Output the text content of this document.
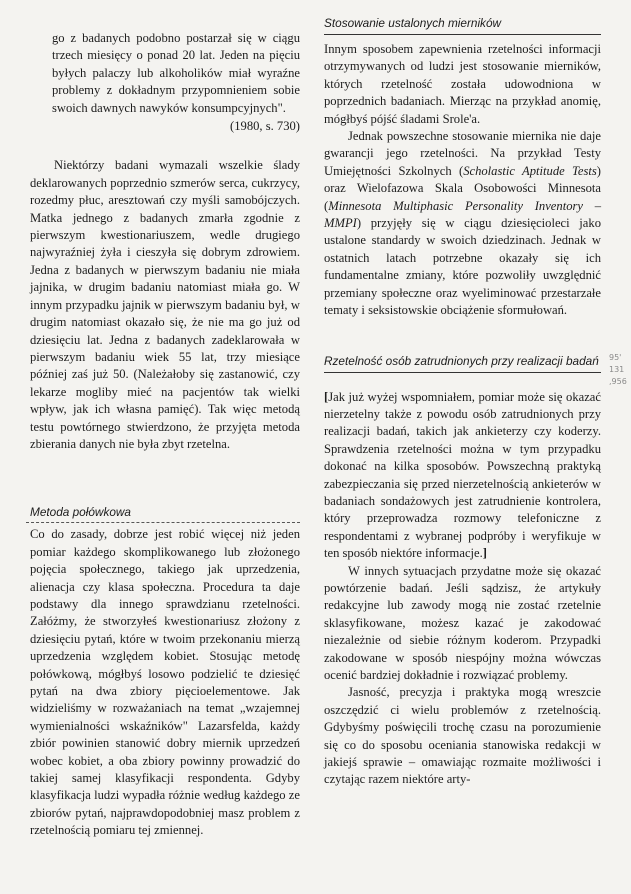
go z badanych podobno postarzał się w ciągu trzech miesięcy o ponad 20 lat. Jeden na pięciu byłych palaczy lub alkoholików miał wyraźne problemy z dokładnym przypomnieniem sobie swoich dawnych nawyków konsumpcyjnych".

(1980, s. 730)

Niektórzy badani wymazali wszelkie ślady deklarowanych poprzednio szmerów serca, cukrzycy, rozedmy płuc, aresztowań czy myśli samobójczych. Matka jednego z badanych zmarła zgodnie z pierwszym kwestionariuszem, wedle drugiego najwyraźniej żyła i cieszyła się dobrym zdrowiem. Jedna z badanych w pierwszym badaniu nie miała jajnika, w drugim badaniu natomiast miała go. W innym przypadku jajnik w pierwszym badaniu był, w drugim natomiast okazało się, że nie ma go już od dziesięciu lat. Jedna z badanych zadeklarowała w pierwszym badaniu wiek 55 lat, trzy miesiące później zaś już 50. (Należałoby się zastanowić, czy lekarze mogliby mieć na pacjentów tak wielki wpływ, jak ich własna pamięć). Tak więc metodą testu powtórnego stwierdzono, że przyjęta metoda zbierania danych nie była zbyt rzetelna.

Metoda połówkowa

Co do zasady, dobrze jest robić więcej niż jeden pomiar każdego skomplikowanego lub złożonego pojęcia społecznego, takiego jak uprzedzenia, alienacja czy klasa społeczna. Procedura ta daje podstawy dla innego sprawdzianu rzetelności. Załóżmy, że stworzyłeś kwestionariusz złożony z dziesięciu pytań, które w twoim przekonaniu mierzą uprzedzenia względem kobiet. Stosując metodę połówkową, mógłbyś losowo podzielić te dziesięć pytań na dwa zbiory pięcioelementowe. Jak widzieliśmy w rozważaniach na temat „wzajemnej wymienialności wskaźników" Lazarsfelda, każdy zbiór powinien stanowić dobry miernik uprzedzeń wobec kobiet, a oba zbiory powinny prowadzić do takiej samej klasyfikacji respondenta. Gdyby klasyfikacja ludzi wypadła różnie według każdego ze zbiorów pytań, najprawdopodobniej masz problem z rzetelnością pomiaru tej zmiennej.

Stosowanie ustalonych mierników

Innym sposobem zapewnienia rzetelności informacji otrzymywanych od ludzi jest stosowanie mierników, których rzetelność została udowodniona w poprzednich badaniach. Mierząc na przykład anomię, mógłbyś pójść śladami Srole'a.

Jednak powszechne stosowanie miernika nie daje gwarancji jego rzetelności. Na przykład Testy Umiejętności Szkolnych (Scholastic Aptitude Tests) oraz Wielofazowa Skala Osobowości Minnesota (Minnesota Multiphasic Personality Inventory – MMPI) przyjęły się w ciągu dziesięcioleci jako ustalone standardy w swoich dziedzinach. Jednak w ostatnich latach potrzebne okazały się ich fundamentalne zmiany, które pozwoliły uwzględnić przemiany społeczne oraz wyeliminować przestarzałe tematy i seksistowskie obciążenie sformułowań.

Rzetelność osób zatrudnionych przy realizacji badań

[Jak już wyżej wspomniałem, pomiar może się okazać nierzetelny także z powodu osób zatrudnionych przy realizacji badań, takich jak ankieterzy czy koderzy. Sprawdzenia rzetelności można w tym przypadku dokonać na kilka sposobów. Powszechną praktyką zabezpieczania się przed nierzetelnością ankieterów w badaniach sondażowych jest zatrudnienie kontrolera, który przeprowadza rozmowy telefoniczne z respondentami z wybranej podpróby i weryfikuje w ten sposób niektóre informacje.]

W innych sytuacjach przydatne może się okazać powtórzenie badań. Jeśli sądzisz, że artykuły redakcyjne lub zawody mogą nie zostać rzetelnie sklasyfikowane, możesz kazać je zakodować niezależnie od siebie różnym koderom. Przypadki zakodowane w sposób niespójny można wówczas ocenić bardziej dokładnie i rozwiązać problemy.

Jasność, precyzja i praktyka mogą wreszcie oszczędzić ci wielu problemów z rzetelnością. Gdybyśmy poświęcili trochę czasu na porozumienie się co do sposobu oceniania stanowiska redakcji w jakiejś sprawie – omawiając rozmaite możliwości i czytając razem niektóre arty-

95'
131
,956
